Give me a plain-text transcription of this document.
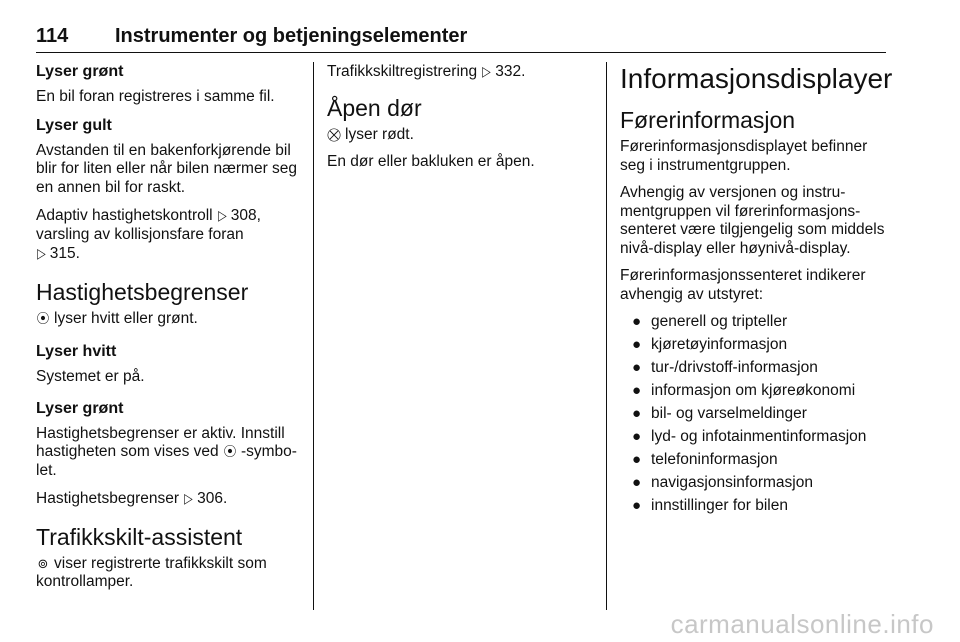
114 Instrumenter og betjeningselementer
Lyser grønt

En bil foran registreres i samme fil.

Lyser gult

Avstanden til en bakenforkjørende bil blir for liten eller når bilen nærmer seg en annen bil for raskt.

Adaptiv hastighetskontroll ▷ 308,
varsling av kollisjonsfare foran
▷ 315.

Hastighetsbegrenser

⦿ lyser hvitt eller grønt.

Lyser hvitt

Systemet er på.

Lyser grønt

Hastighetsbegrenser er aktiv. Innstill hastigheten som vises ved ⦿ -symbo- let.

Hastighetsbegrenser ▷ 306.

Trafikkskilt-assistent

⊚ viser registrerte trafikkskilt som kontrollamper.

Trafikkskiltregistrering ▷ 332.

Åpen dør

⛒ lyser rødt.

En dør eller bakluken er åpen.

Informasjonsdisplayer
Førerinformasjon

Førerinformasjonsdisplayet befinner seg i instrumentgruppen.

Avhengig av versjonen og instru-mentgruppen vil førerinformasjons-senteret være tilgjengelig som middels nivå-display eller høynivå-display.

Førerinformasjonssenteret indikerer avhengig av utstyret:

● generell og tripteller
● kjøretøyinformasjon
● tur-/drivstoff-informasjon
● informasjon om kjøreøkonomi
● bil- og varselmeldinger
● lyd- og infotainmentinformasjon
● telefoninformasjon
● navigasjonsinformasjon
● innstillinger for bilen
carmanualsonline.info
